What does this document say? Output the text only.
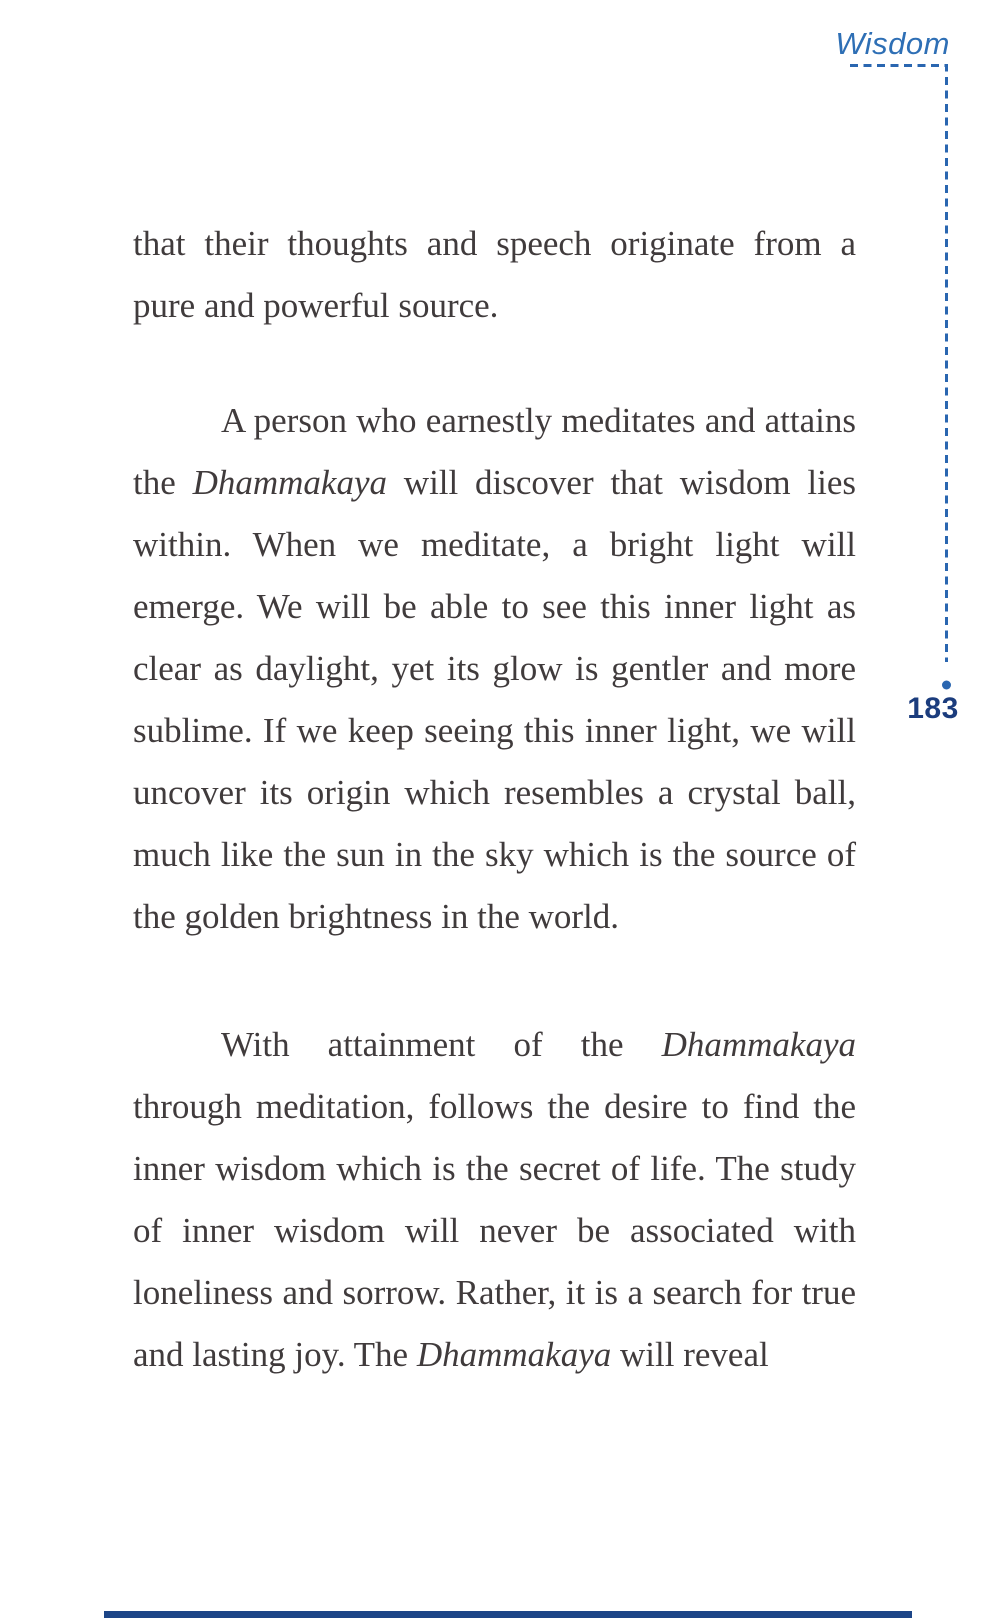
Wisdom
183

that their thoughts and speech originate from a pure and powerful source.

A person who earnestly meditates and attains the Dhammakaya will discover that wisdom lies within. When we meditate, a bright light will emerge. We will be able to see this inner light as clear as daylight, yet its glow is gentler and more sublime. If we keep seeing this inner light, we will uncover its origin which resembles a crystal ball, much like the sun in the sky which is the source of the golden brightness in the world.

With attainment of the Dhammakaya through meditation, follows the desire to find the inner wisdom which is the secret of life. The study of inner wisdom will never be associated with loneliness and sorrow. Rather, it is a search for true and lasting joy. The Dhammakaya will reveal
